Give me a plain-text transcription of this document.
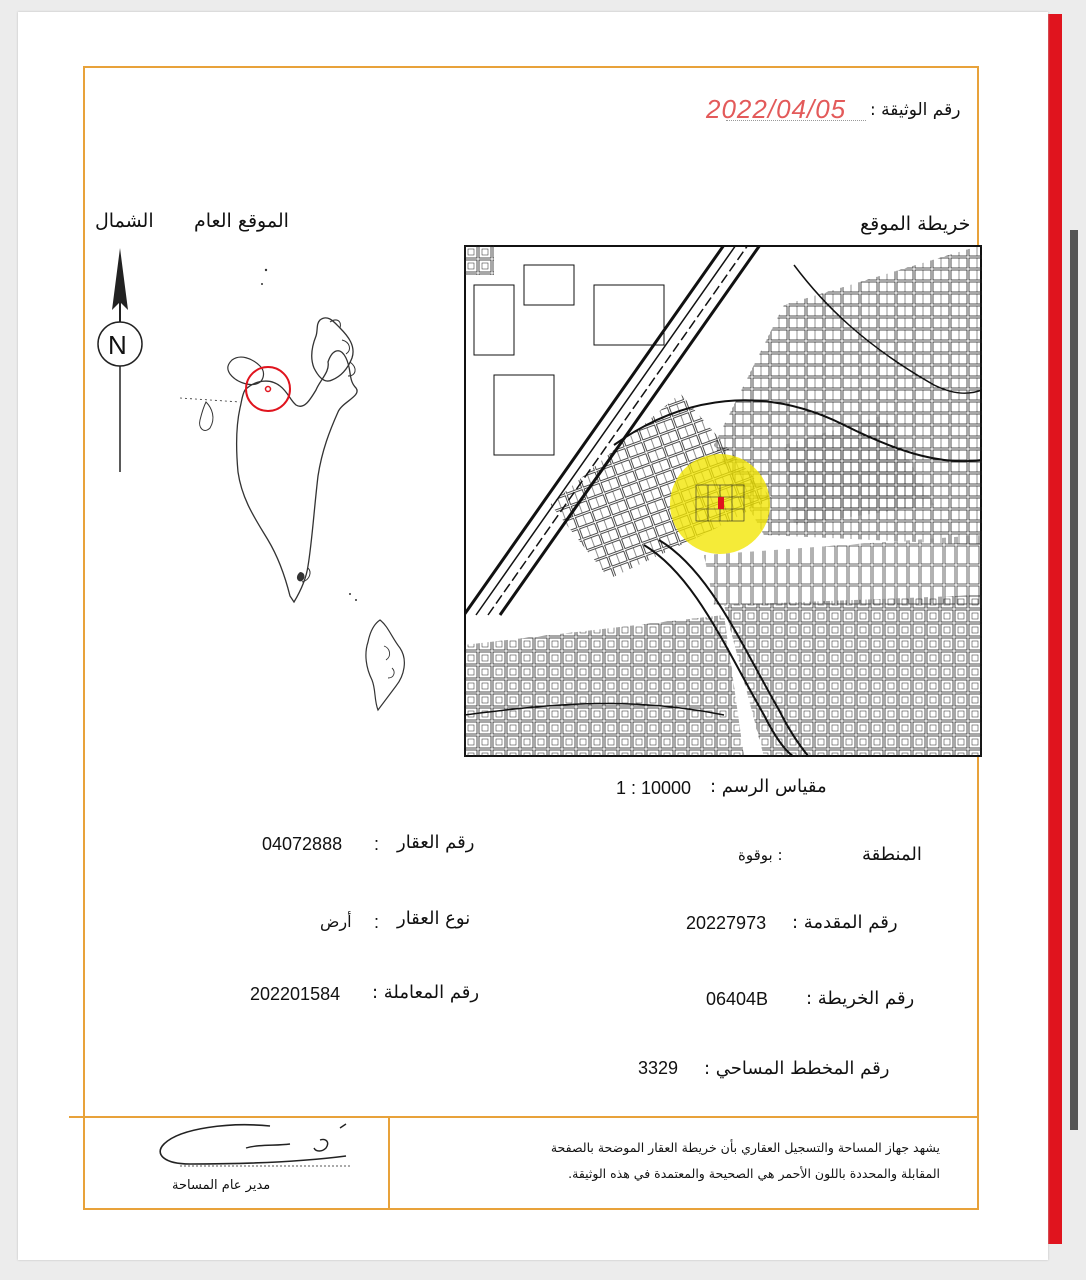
رقم الوثيقة :
2022/04/05
الموقع العام
الشمال
N
خريطة الموقع
مقياس الرسم :
1 : 10000
رقم العقار
:
04072888
نوع العقار
:
أرض
رقم المعاملة :
202201584
المنطقة
: بوقوة
رقم المقدمة :
20227973
رقم الخريطة :
06404B
رقم المخطط المساحي :
3329
يشهد جهاز المساحة والتسجيل العقاري بأن خريطة العقار الموضحة بالصفحة
المقابلة والمحددة باللون الأحمر هي الصحيحة والمعتمدة في هذه الوثيقة.
مدير عام المساحة
